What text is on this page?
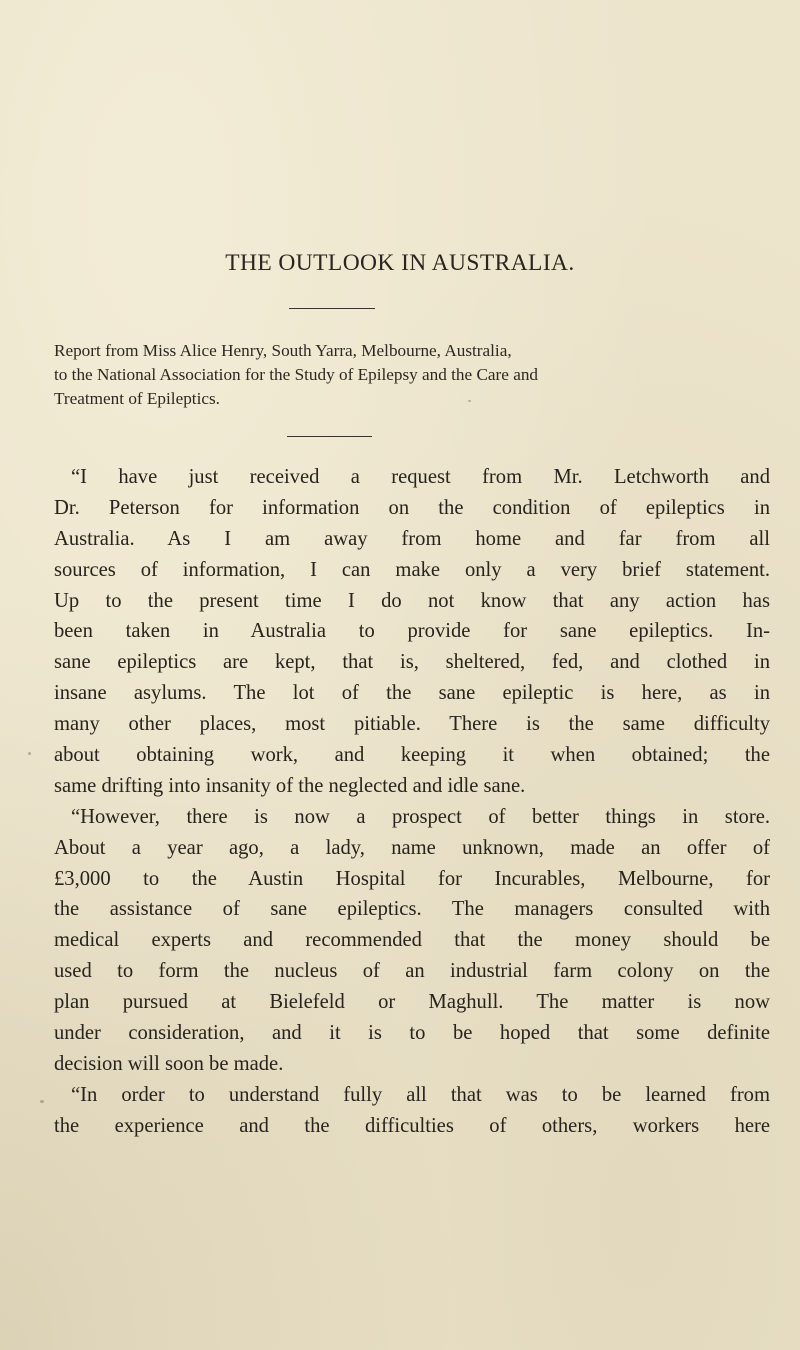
THE OUTLOOK IN AUSTRALIA.
Report from Miss Alice Henry, South Yarra, Melbourne, Australia,
to the National Association for the Study of Epilepsy and the Care and
Treatment of Epileptics.
“I have just received a request from Mr. Letchworth and
Dr. Peterson for information on the condition of epileptics in
Australia. As I am away from home and far from all
sources of information, I can make only a very brief statement.
Up to the present time I do not know that any action has
been taken in Australia to provide for sane epileptics. In-
sane epileptics are kept, that is, sheltered, fed, and clothed in
insane asylums. The lot of the sane epileptic is here, as in
many other places, most pitiable. There is the same difficulty
about obtaining work, and keeping it when obtained; the
same drifting into insanity of the neglected and idle sane.
“However, there is now a prospect of better things in store.
About a year ago, a lady, name unknown, made an offer of
£3,000 to the Austin Hospital for Incurables, Melbourne, for
the assistance of sane epileptics. The managers consulted with
medical experts and recommended that the money should be
used to form the nucleus of an industrial farm colony on the
plan pursued at Bielefeld or Maghull. The matter is now
under consideration, and it is to be hoped that some definite
decision will soon be made.
“In order to understand fully all that was to be learned from
the experience and the difficulties of others, workers here
